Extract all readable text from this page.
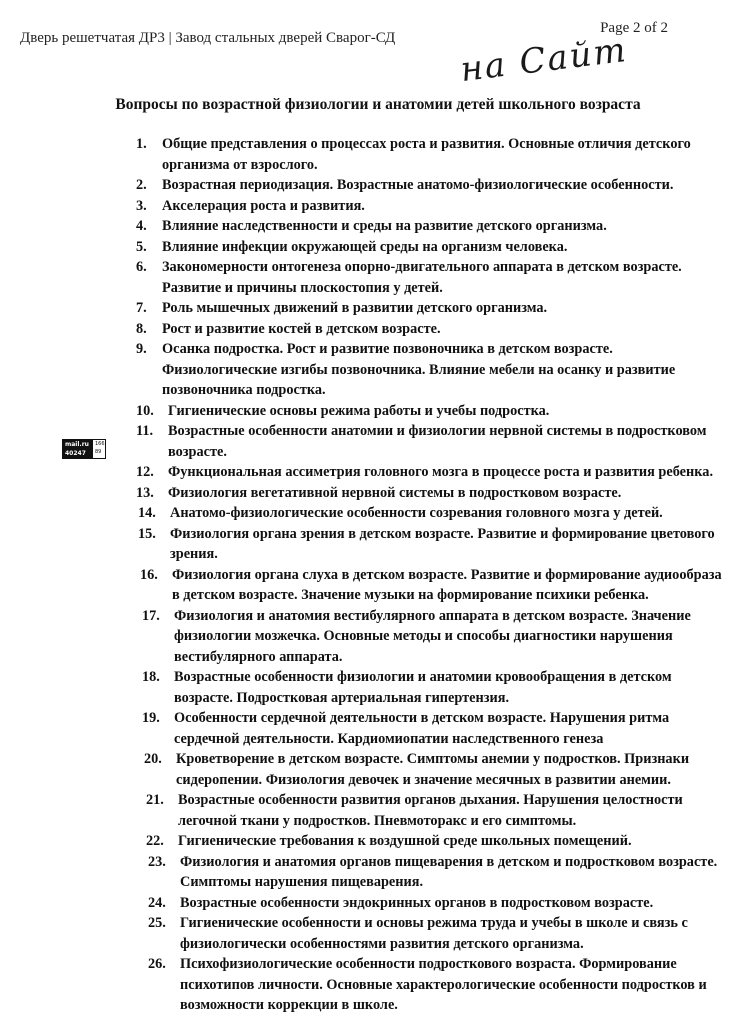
Дверь решетчатая ДР3 | Завод стальных дверей Сварог-СД
Page 2 of 2
на Сайт
Вопросы по возрастной физиологии и анатомии детей школьного возраста
mail.ru
40247
166
89
1. Общие представления о процессах роста и развития. Основные отличия детского организма от взрослого.
2. Возрастная периодизация. Возрастные анатомо-физиологические особенности.
3. Акселерация роста и развития.
4. Влияние наследственности и среды на развитие детского организма.
5. Влияние инфекции окружающей среды на организм человека.
6. Закономерности онтогенеза опорно-двигательного аппарата в детском возрасте. Развитие и причины плоскостопия у детей.
7. Роль мышечных движений в развитии детского организма.
8. Рост и развитие костей в детском возрасте.
9. Осанка подростка. Рост и развитие позвоночника в детском возрасте. Физиологические изгибы позвоночника. Влияние мебели на осанку и развитие позвоночника подростка.
10. Гигиенические основы режима работы и учебы подростка.
11. Возрастные особенности анатомии и физиологии нервной системы в подростковом возрасте.
12. Функциональная ассиметрия головного мозга в процессе роста и развития ребенка.
13. Физиология вегетативной нервной системы в подростковом возрасте.
14. Анатомо-физиологические особенности созревания головного мозга у детей.
15. Физиология органа зрения в детском возрасте. Развитие и формирование цветового зрения.
16. Физиология органа слуха в детском возрасте. Развитие и формирование аудиообраза в детском возрасте. Значение музыки на формирование психики ребенка.
17. Физиология и анатомия вестибулярного аппарата в детском возрасте. Значение физиологии мозжечка. Основные методы и способы диагностики нарушения вестибулярного аппарата.
18. Возрастные особенности физиологии и анатомии кровообращения в детском возрасте. Подростковая артериальная гипертензия.
19. Особенности сердечной деятельности в детском возрасте. Нарушения ритма сердечной деятельности. Кардиомиопатии наследственного генеза
20. Кроветворение в детском возрасте. Симптомы анемии у подростков. Признаки сидеропении. Физиология девочек и значение месячных в развитии анемии.
21. Возрастные особенности развития органов дыхания. Нарушения целостности легочной ткани у подростков. Пневмоторакс и его симптомы.
22. Гигиенические требования к воздушной среде школьных помещений.
23. Физиология и анатомия органов пищеварения в детском и подростковом возрасте. Симптомы нарушения пищеварения.
24. Возрастные особенности эндокринных органов в подростковом возрасте.
25. Гигиенические особенности и основы режима труда и учебы в школе и связь с физиологически особенностями развития детского организма.
26. Психофизиологические особенности подросткового возраста. Формирование психотипов личности. Основные характерологические особенности подростков и возможности коррекции в школе.
